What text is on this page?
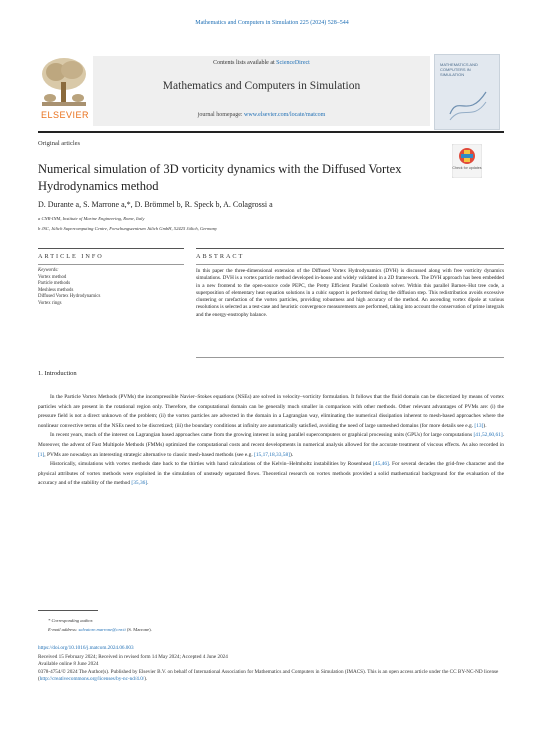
Mathematics and Computers in Simulation 225 (2024) 528–544
Contents lists available at ScienceDirect
Mathematics and Computers in Simulation
journal homepage: www.elsevier.com/locate/matcom
ELSEVIER
MATHEMATICS AND COMPUTERS IN SIMULATION
Original articles
Numerical simulation of 3D vorticity dynamics with the Diffused Vortex Hydrodynamics method
Check for updates
D. Durante a, S. Marrone a,*, D. Brömmel b, R. Speck b, A. Colagrossi a
a CNR-INM, Institute of Marine Engineering, Rome, Italy
b JSC, Jülich Supercomputing Centre, Forschungszentrum Jülich GmbH, 52425 Jülich, Germany
ARTICLE INFO	ABSTRACT
Keywords:
Vortex method
Particle methods
Meshless methods
Diffused Vortex Hydrodynamics
Vortex rings
In this paper the three-dimensional extension of the Diffused Vortex Hydrodynamics (DVH) is discussed along with free vorticity dynamics simulations. DVH is a vortex particle method developed in-house and widely validated in a 2D framework. The DVH approach has been embedded in a new frontend to the open-source code PEPC, the Pretty Efficient Parallel Coulomb solver. Within this parallel Barnes–Hut tree code, a superposition of elementary heat equation solutions in a cubic support is performed during the diffusion step. This redistribution avoids excessive clustering or rarefaction of the vortex particles, providing robustness and high accuracy of the method. An ascending vortex dipole at various resolutions is selected as a test-case and heuristic convergence measurements are performed, taking into account the conservation of prime integrals and the energy-enstrophy balance.
1. Introduction

In the Particle Vortex Methods (PVMs) the incompressible Navier–Stokes equations (NSEs) are solved in velocity–vorticity formulation. It follows that the fluid domain can be discretized by means of vortex particles which are present in the rotational region only. Therefore, the computational domain can be generally much smaller in comparison with other methods. Other relevant advantages of PVMs are: (i) the pressure field is not a direct unknown of the problem; (ii) the vortex particles are advected in the domain in a Lagrangian way, eliminating the numerical dissipation inherent to mesh-based approaches where the nonlinear convective terms of the NSEs need to be discretized; (iii) the boundary conditions at infinity are automatically satisfied, avoiding the need of large unmeshed domains (for more details see e.g. [13]).

In recent years, much of the interest on Lagrangian based approaches came from the growing interest in using parallel supercomputers or graphical processing units (GPUs) for large computations [41,52,60,61]. Moreover, the advent of Fast Multipole Methods (FMMs) optimized the computational costs and recent developments in numerical analysis allowed for the accurate treatment of viscous effects. As also recorded in [1], PVMs are nowadays an interesting strategic alternative to classic mesh-based methods (see e.g. [15,17,18,33,58]).

Historically, simulations with vortex methods date back to the thirties with hand calculations of the Kelvin–Helmholtz instabilities by Rosenhead [45,46]. For several decades the grid-free character and the physical attributes of vortex methods were exploited in the simulation of unsteady separated flows. Theoretical research on vortex methods provided a solid mathematical background for the evaluation of the accuracy and of the stability of the method [35,36].

* Corresponding author.
E-mail address: salvatore.marrone@cnr.it (S. Marrone).
https://doi.org/10.1016/j.matcom.2024.06.003
Received 15 February 2024; Received in revised form 14 May 2024; Accepted 4 June 2024
Available online 8 June 2024
0378-4754/© 2024 The Author(s). Published by Elsevier B.V. on behalf of International Association for Mathematics and Computers in Simulation (IMACS). This is an open access article under the CC BY-NC-ND license (http://creativecommons.org/licenses/by-nc-nd/4.0/).
